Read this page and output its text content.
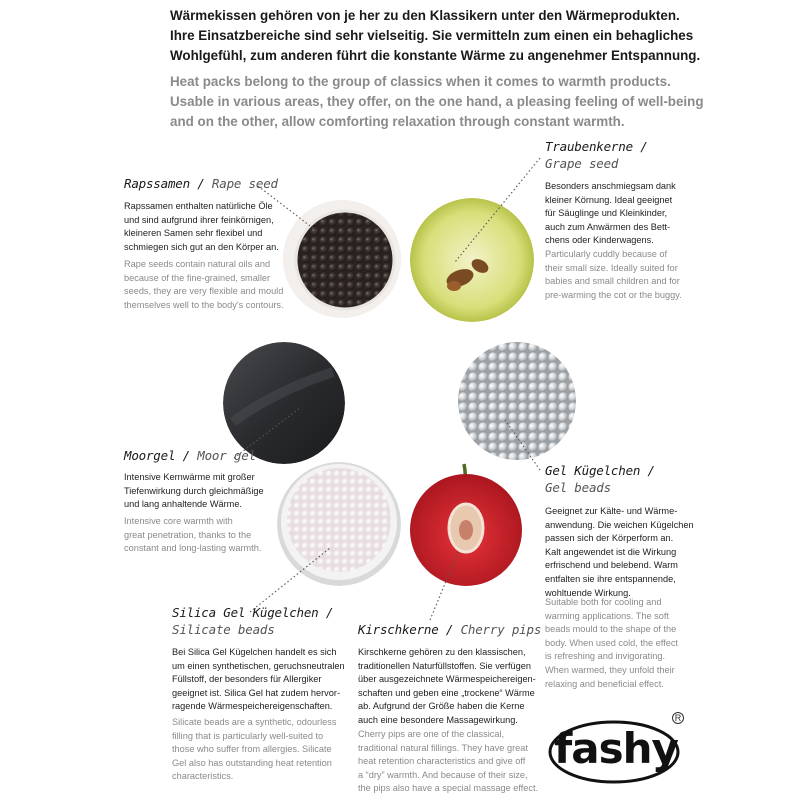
Wärmekissen gehören von je her zu den Klassikern unter den Wärmeprodukten.
Ihre Einsatzbereiche sind sehr vielseitig. Sie vermitteln zum einen ein behagliches
Wohlgefühl, zum anderen führt die konstante Wärme zu angenehmer Entspannung.
Heat packs belong to the group of classics when it comes to warmth products.
Usable in various areas, they offer, on the one hand, a pleasing feeling of well-being
and on the other, allow comforting relaxation through constant warmth.
Rapssamen / Rape seed
Rapssamen enthalten natürliche Öle
und sind aufgrund ihrer feinkörnigen,
kleineren Samen sehr flexibel und
schmiegen sich gut an den Körper an.
Rape seeds contain natural oils and
because of the fine-grained, smaller
seeds, they are very flexible and mould
themselves well to the body's contours.
Traubenkerne /
Grape seed
Besonders anschmiegsam dank
kleiner Körnung. Ideal geeignet
für Säuglinge und Kleinkinder,
auch zum Anwärmen des Bett-
chens oder Kinderwagens.
Particularly cuddly because of
their small size. Ideally suited for
babies and small children and for
pre-warming the cot or the buggy.
Moorgel / Moor gel
Intensive Kernwärme mit großer
Tiefenwirkung durch gleichmäßige
und lang anhaltende Wärme.
Intensive core warmth with
great penetration, thanks to the
constant and long-lasting warmth.
Gel Kügelchen /
Gel beads
Geeignet zur Kälte- und Wärme-
anwendung. Die weichen Kügelchen
passen sich der Körperform an.
Kalt angewendet ist die Wirkung
erfrischend und belebend. Warm
entfalten sie ihre entspannende,
wohltuende Wirkung.
Suitable both for cooling and
warming applications. The soft
beads mould to the shape of the
body. When used cold, the effect
is refreshing and invigorating.
When warmed, they unfold their
relaxing and beneficial effect.
Silica Gel Kügelchen /
Silicate beads
Bei Silica Gel Kügelchen handelt es sich
um einen synthetischen, geruchsneutralen
Füllstoff, der besonders für Allergiker
geeignet ist. Silica Gel hat zudem hervor-
ragende Wärmespeichereigenschaften.
Silicate beads are a synthetic, odourless
filling that is particularly well-suited to
those who suffer from allergies. Silicate
Gel also has outstanding heat retention
characteristics.
Kirschkerne / Cherry pips
Kirschkerne gehören zu den klassischen,
traditionellen Naturfüllstoffen. Sie verfügen
über ausgezeichnete Wärmespeichereigen-
schaften und geben eine „trockene“ Wärme
ab. Aufgrund der Größe haben die Kerne
auch eine besondere Massagewirkung.
Cherry pips are one of the classical,
traditional natural fillings. They have great
heat retention characteristics and give off
a “dry” warmth. And because of their size,
the pips also have a special massage effect.
fashy
R
